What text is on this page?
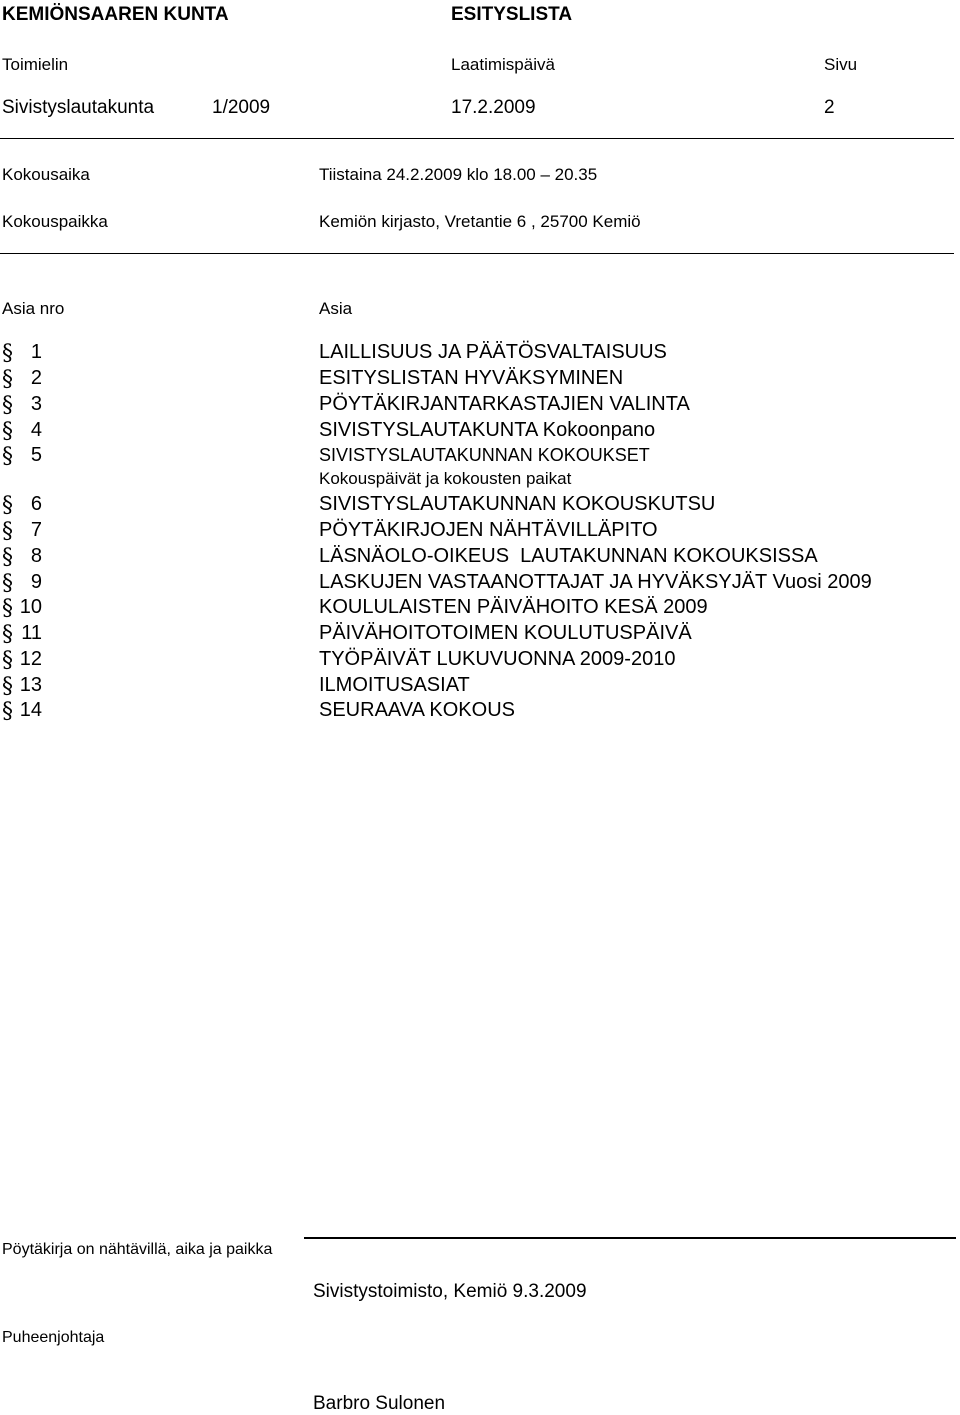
KEMIÖNSAAREN KUNTA	ESITYSLISTA
Toimielin	Laatimispäivä	Sivu
Sivistyslautakunta	1/2009	17.2.2009	2
Kokousaika	Tiistaina 24.2.2009 klo 18.00 – 20.35
Kokouspaikka	Kemiön kirjasto, Vretantie 6 , 25700 Kemiö
Asia nro	Asia
§ 1	LAILLISUUS JA PÄÄTÖSVALTAISUUS
§ 2	ESITYSLISTAN HYVÄKSYMINEN
§ 3	PÖYTÄKIRJANTARKASTAJIEN VALINTA
§ 4	SIVISTYSLAUTAKUNTA Kokoonpano
§ 5	SIVISTYSLAUTAKUNNAN KOKOUKSET
Kokouspäivät ja kokousten paikat
§ 6	SIVISTYSLAUTAKUNNAN KOKOUSKUTSU
§ 7	PÖYTÄKIRJOJEN NÄHTÄVILLÄPITO
§ 8	LÄSNÄOLO-OIKEUS  LAUTAKUNNAN KOKOUKSISSA
§ 9	LASKUJEN VASTAANOTTAJAT JA HYVÄKSYJÄT Vuosi 2009
§ 10	KOULULAISTEN PÄIVÄHOITO KESÄ 2009
§ 11	PÄIVÄHOITOTOIMEN KOULUTUSPÄIVÄ
§ 12	TYÖPÄIVÄT LUKUVUONNA 2009-2010
§ 13	ILMOITUSASIAT
§ 14	SEURAAVA KOKOUS
Pöytäkirja on nähtävillä, aika ja paikka
Sivistystoimisto, Kemiö 9.3.2009
Puheenjohtaja
Barbro Sulonen
